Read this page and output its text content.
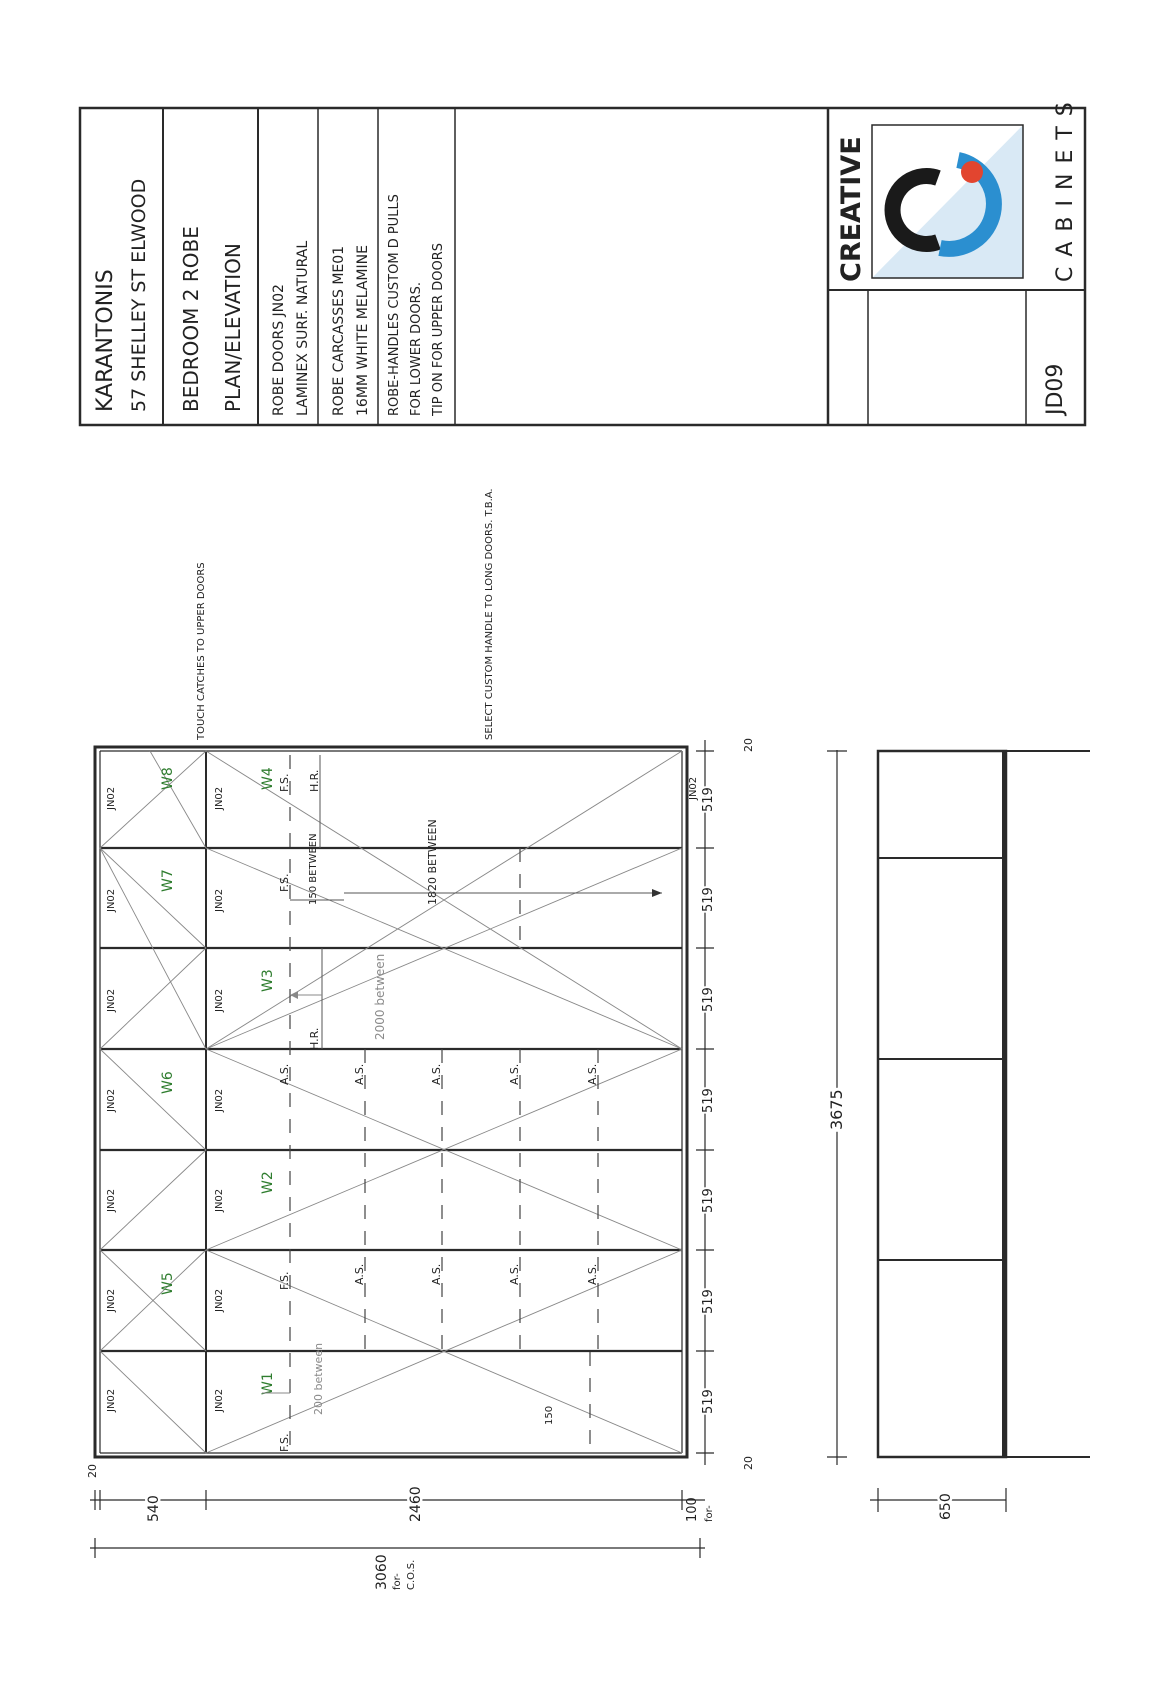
KARANTONIS 57 SHELLEY ST ELWOOD BEDROOM 2 ROBE PLAN/ELEVATION ROBE DOORS JN02 LAMINEX SURF. NATURAL ROBE CARCASSES ME01 16MM WHITE MELAMINE ROBE-HANDLES CUSTOM D PULLS FOR LOWER DOORS. TIP ON FOR UPPER DOORS	JD09
CREATIVE	CABINETS
JN02
JN02
JN02
JN02
JN02
JN02
JN02
JN02
JN02
JN02
JN02
JN02
JN02
JN02
JN02
W8
W7
W6
W5
W4
W3
W2
W1
F.S.
F.S.
F.S.
F.S.
A.S.	A.S.	A.S.	A.S.	A.S.
A.S.	A.S.	A.S.	A.S.
H.R.
H.R.
150 BETWEEN	1820 BETWEEN
2000 between
200 between
150
TOUCH CATCHES TO UPPER DOORS	SELECT CUSTOM HANDLE TO LONG DOORS. T.B.A.
20
519
519
519
519
519
519
519
20
3675
650
20
540	2460	100 for-
3060 for- C.O.S.
